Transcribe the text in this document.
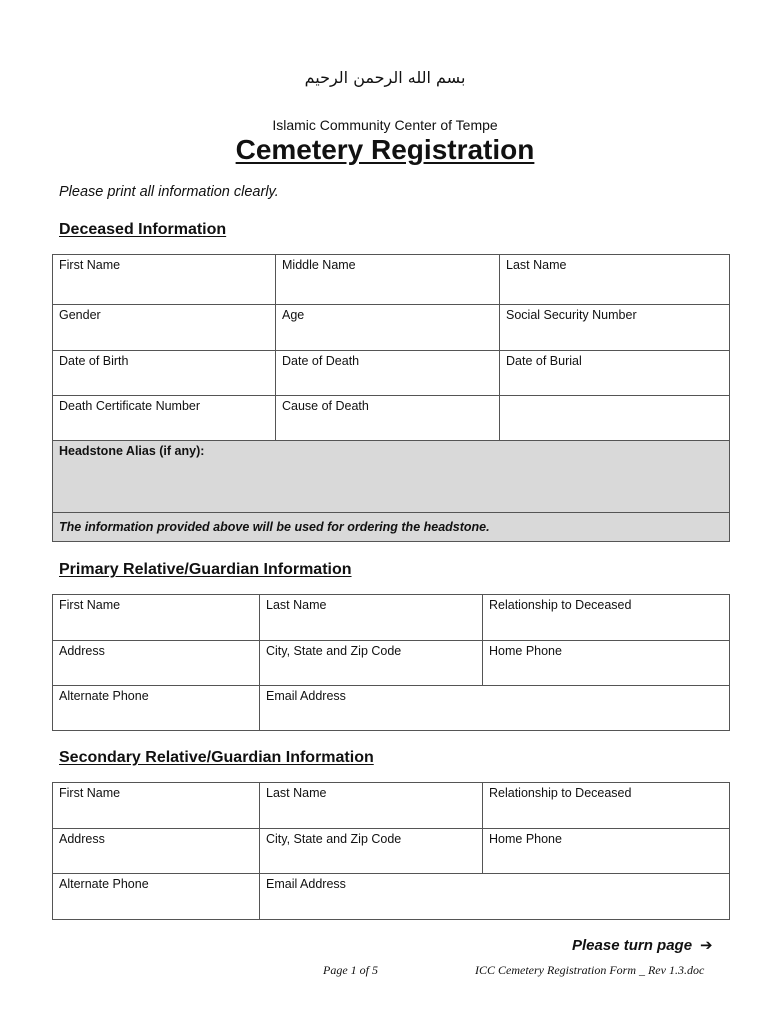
بسم الله الرحمن الرحيم
Islamic Community Center of Tempe
Cemetery Registration
Please print all information clearly.
Deceased Information
First Name	Middle Name	Last Name
Gender	Age	Social Security Number
Date of Birth	Date of Death	Date of Burial
Death Certificate Number	Cause of Death	
Headstone Alias (if any):		
The information provided above will be used for ordering the headstone.		
Primary Relative/Guardian Information
First Name	Last Name	Relationship to Deceased
Address	City, State and Zip Code	Home Phone
Alternate Phone	Email Address	
Secondary Relative/Guardian Information
First Name	Last Name	Relationship to Deceased
Address	City, State and Zip Code	Home Phone
Alternate Phone	Email Address	
Please turn page ➔
Page 1 of 5	ICC Cemetery Registration Form _ Rev 1.3.doc
